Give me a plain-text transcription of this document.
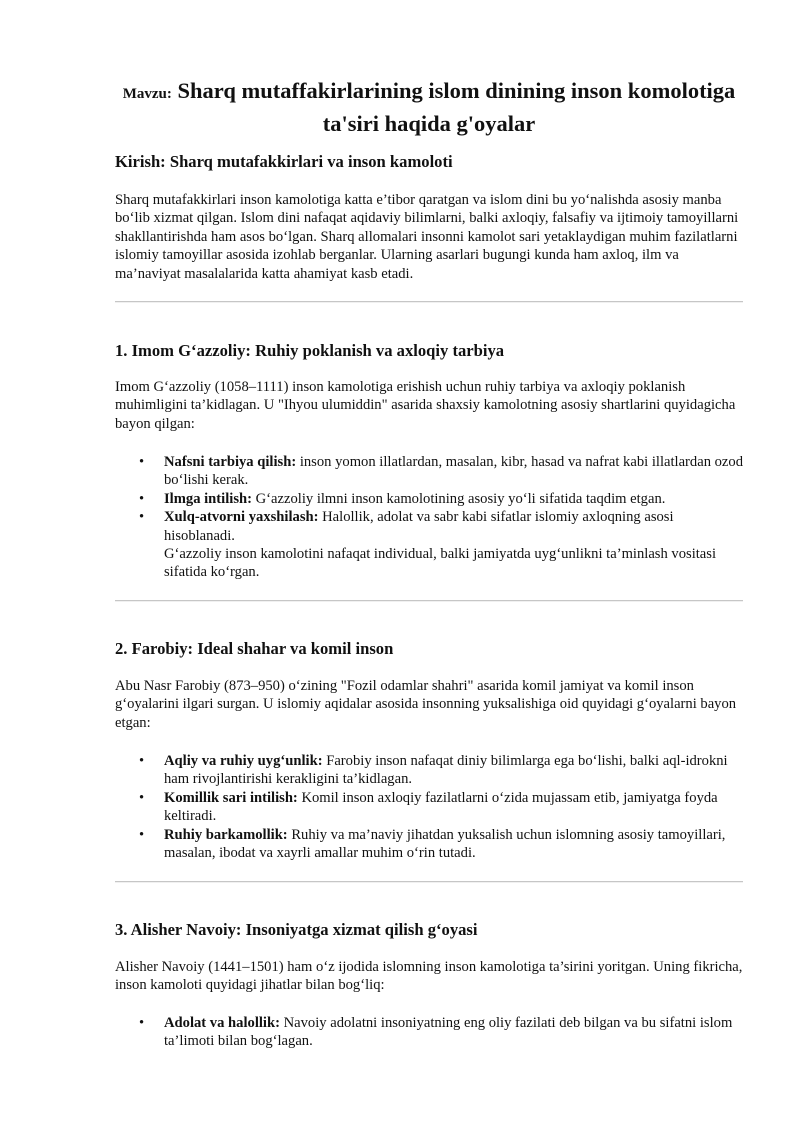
Mavzu: Sharq mutaffakirlarining islom dinining inson komolotiga ta'siri haqida g'oyalar
Kirish: Sharq mutafakkirlari va inson kamoloti

Sharq mutafakkirlari inson kamolotiga katta e’tibor qaratgan va islom dini bu yo‘nalishda asosiy manba bo‘lib xizmat qilgan. Islom dini nafaqat aqidaviy bilimlarni, balki axloqiy, falsafiy va ijtimoiy tamoyillarni shakllantirishda ham asos bo‘lgan. Sharq allomalari insonni kamolot sari yetaklaydigan muhim fazilatlarni islomiy tamoyillar asosida izohlab berganlar. Ularning asarlari bugungi kunda ham axloq, ilm va ma’naviyat masalalarida katta ahamiyat kasb etadi.

1. Imom G‘azzoliy: Ruhiy poklanish va axloqiy tarbiya

Imom G‘azzoliy (1058–1111) inson kamolotiga erishish uchun ruhiy tarbiya va axloqiy poklanish muhimligini ta’kidlagan. U "Ihyou ulumiddin" asarida shaxsiy kamolotning asosiy shartlarini quyidagicha bayon qilgan:

• Nafsni tarbiya qilish: inson yomon illatlardan, masalan, kibr, hasad va nafrat kabi illatlardan ozod bo‘lishi kerak.
• Ilmga intilish: G‘azzoliy ilmni inson kamolotining asosiy yo‘li sifatida taqdim etgan.
• Xulq-atvorni yaxshilash: Halollik, adolat va sabr kabi sifatlar islomiy axloqning asosi hisoblanadi.
G‘azzoliy inson kamolotini nafaqat individual, balki jamiyatda uyg‘unlikni ta’minlash vositasi sifatida ko‘rgan.
2. Farobiy: Ideal shahar va komil inson

Abu Nasr Farobiy (873–950) o‘zining "Fozil odamlar shahri" asarida komil jamiyat va komil inson g‘oyalarini ilgari surgan. U islomiy aqidalar asosida insonning yuksalishiga oid quyidagi g‘oyalarni bayon etgan:

• Aqliy va ruhiy uyg‘unlik: Farobiy inson nafaqat diniy bilimlarga ega bo‘lishi, balki aql-idrokni ham rivojlantirishi kerakligini ta’kidlagan.
• Komillik sari intilish: Komil inson axloqiy fazilatlarni o‘zida mujassam etib, jamiyatga foyda keltiradi.
• Ruhiy barkamollik: Ruhiy va ma’naviy jihatdan yuksalish uchun islomning asosiy tamoyillari, masalan, ibodat va xayrli amallar muhim o‘rin tutadi.
3. Alisher Navoiy: Insoniyatga xizmat qilish g‘oyasi

Alisher Navoiy (1441–1501) ham o‘z ijodida islomning inson kamolotiga ta’sirini yoritgan. Uning fikricha, inson kamoloti quyidagi jihatlar bilan bog‘liq:

• Adolat va halollik: Navoiy adolatni insoniyatning eng oliy fazilati deb bilgan va bu sifatni islom ta’limoti bilan bog‘lagan.
